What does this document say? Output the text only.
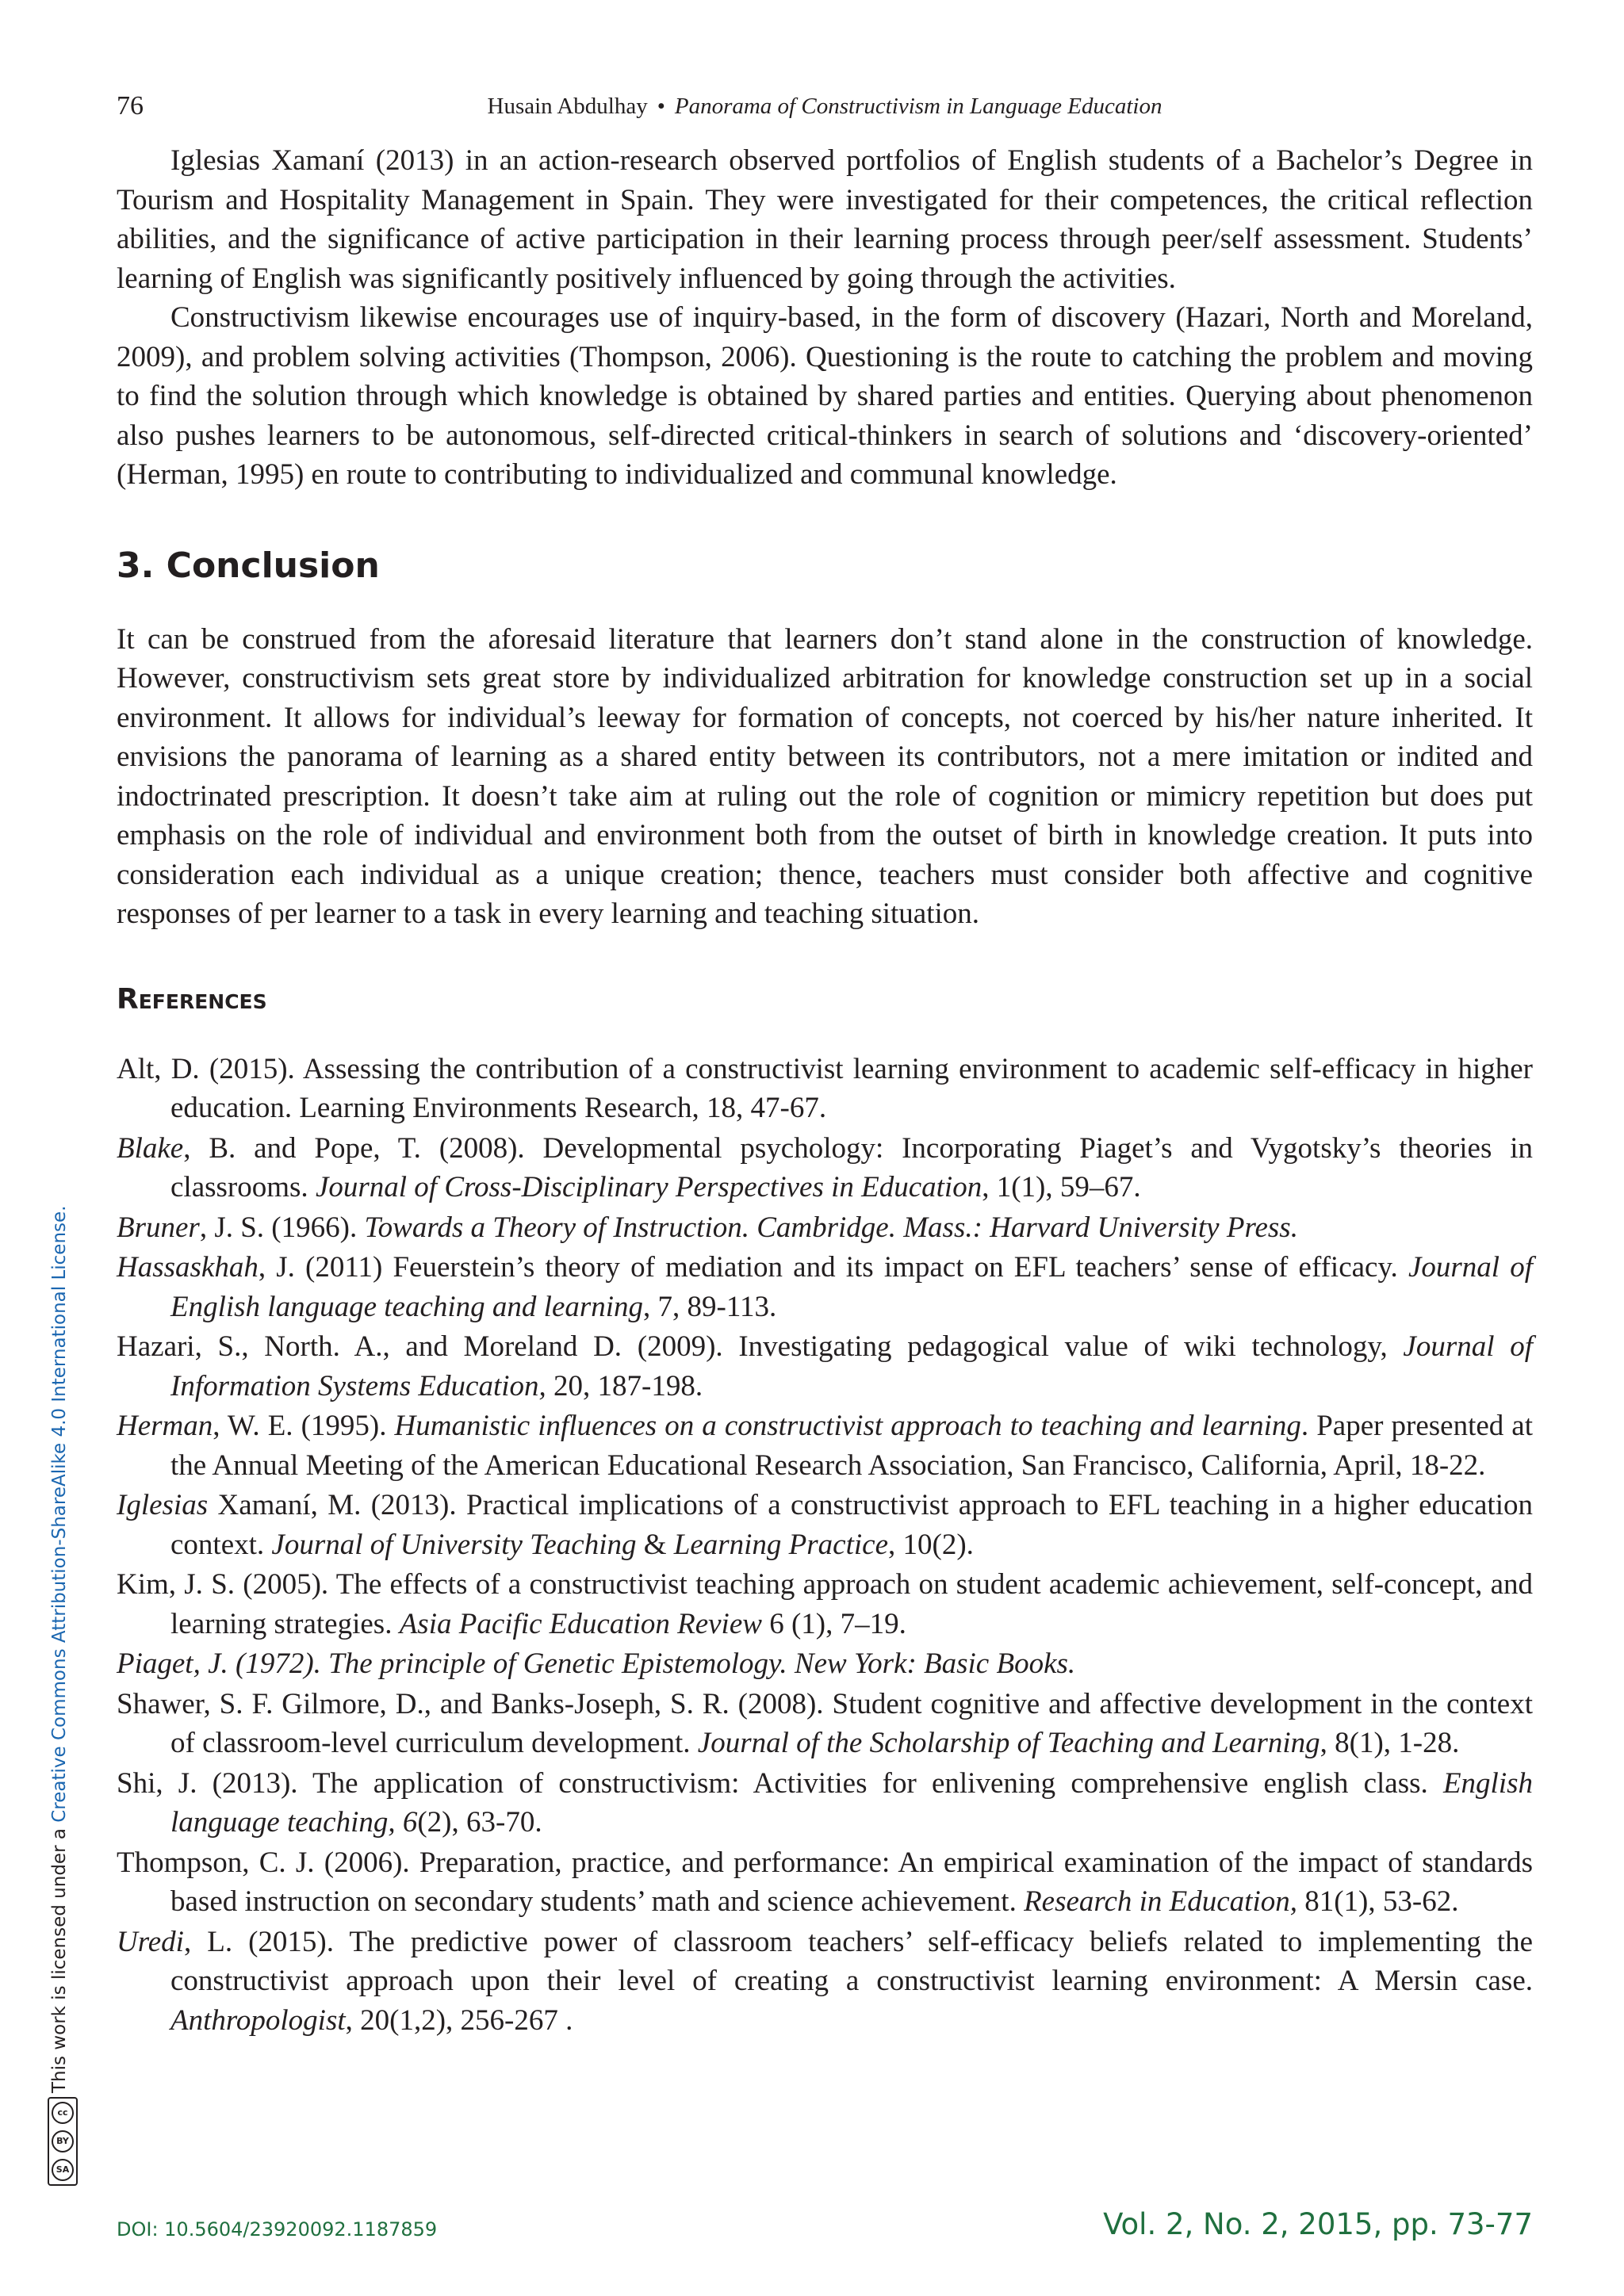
76	Husain Abdulhay • Panorama of Constructivism in Language Education

Iglesias Xamaní (2013) in an action-research observed portfolios of English students of a Bachelor’s Degree in Tourism and Hospitality Management in Spain. They were investigated for their competences, the critical reflection abilities, and the significance of active participation in their learning process through peer/self assessment. Students’ learning of English was significantly positively influenced by going through the activities.

Constructivism likewise encourages use of inquiry-based, in the form of discovery (Hazari, North and Moreland, 2009), and problem solving activities (Thompson, 2006). Questioning is the route to catching the problem and moving to find the solution through which knowledge is obtained by shared parties and entities. Querying about phenomenon also pushes learners to be autonomous, self-directed critical-thinkers in search of solutions and ‘discovery-oriented’ (Herman, 1995) en route to contributing to individualized and communal knowledge.

3. Conclusion

It can be construed from the aforesaid literature that learners don’t stand alone in the construction of knowledge. However, constructivism sets great store by individualized arbitration for knowledge construction set up in a social environment. It allows for individual’s leeway for formation of concepts, not coerced by his/her nature inherited. It envisions the panorama of learning as a shared entity between its contributors, not a mere imitation or indited and indoctrinated prescription. It doesn’t take aim at ruling out the role of cognition or mimicry repetition but does put emphasis on the role of individual and environment both from the outset of birth in knowledge creation. It puts into consideration each individual as a unique creation; thence, teachers must consider both affective and cognitive responses of per learner to a task in every learning and teaching situation.

References
Alt, D. (2015). Assessing the contribution of a constructivist learning environment to academic self-efficacy in higher education. Learning Environments Research, 18, 47-67.
Blake, B. and Pope, T. (2008). Developmental psychology: Incorporating Piaget’s and Vygotsky’s theories in classrooms. Journal of Cross-Disciplinary Perspectives in Education, 1(1), 59–67.
Bruner, J. S. (1966). Towards a Theory of Instruction. Cambridge. Mass.: Harvard University Press.
Hassaskhah, J. (2011) Feuerstein’s theory of mediation and its impact on EFL teachers’ sense of efficacy. Journal of English language teaching and learning, 7, 89-113.
Hazari, S., North. A., and Moreland D. (2009). Investigating pedagogical value of wiki technology, Journal of Information Systems Education, 20, 187-198.
Herman, W. E. (1995). Humanistic influences on a constructivist approach to teaching and learning. Paper presented at the Annual Meeting of the American Educational Research Association, San Francisco, California, April, 18-22.
Iglesias Xamaní, M. (2013). Practical implications of a constructivist approach to EFL teaching in a higher education context. Journal of University Teaching & Learning Practice, 10(2).
Kim, J. S. (2005). The effects of a constructivist teaching approach on student academic achievement, self-concept, and learning strategies. Asia Pacific Education Review 6 (1), 7–19.
Piaget, J. (1972). The principle of Genetic Epistemology. New York: Basic Books.
Shawer, S. F. Gilmore, D., and Banks-Joseph, S. R. (2008). Student cognitive and affective development in the context of classroom-level curriculum development. Journal of the Scholarship of Teaching and Learning, 8(1), 1-28.
Shi, J. (2013). The application of constructivism: Activities for enlivening comprehensive english class. English language teaching, 6(2), 63-70.
Thompson, C. J. (2006). Preparation, practice, and performance: An empirical examination of the impact of standards based instruction on secondary students’ math and science achievement. Research in Education, 81(1), 53-62.
Uredi, L. (2015). The predictive power of classroom teachers’ self-efficacy beliefs related to implementing the constructivist approach upon their level of creating a constructivist learning environment: A Mersin case. Anthropologist, 20(1,2), 256-267 .
This work is licensed under a Creative Commons Attribution-ShareAlike 4.0 International License.
cc
BY
SA
DOI: 10.5604/23920092.1187859	Vol. 2, No. 2, 2015, pp. 73-77
